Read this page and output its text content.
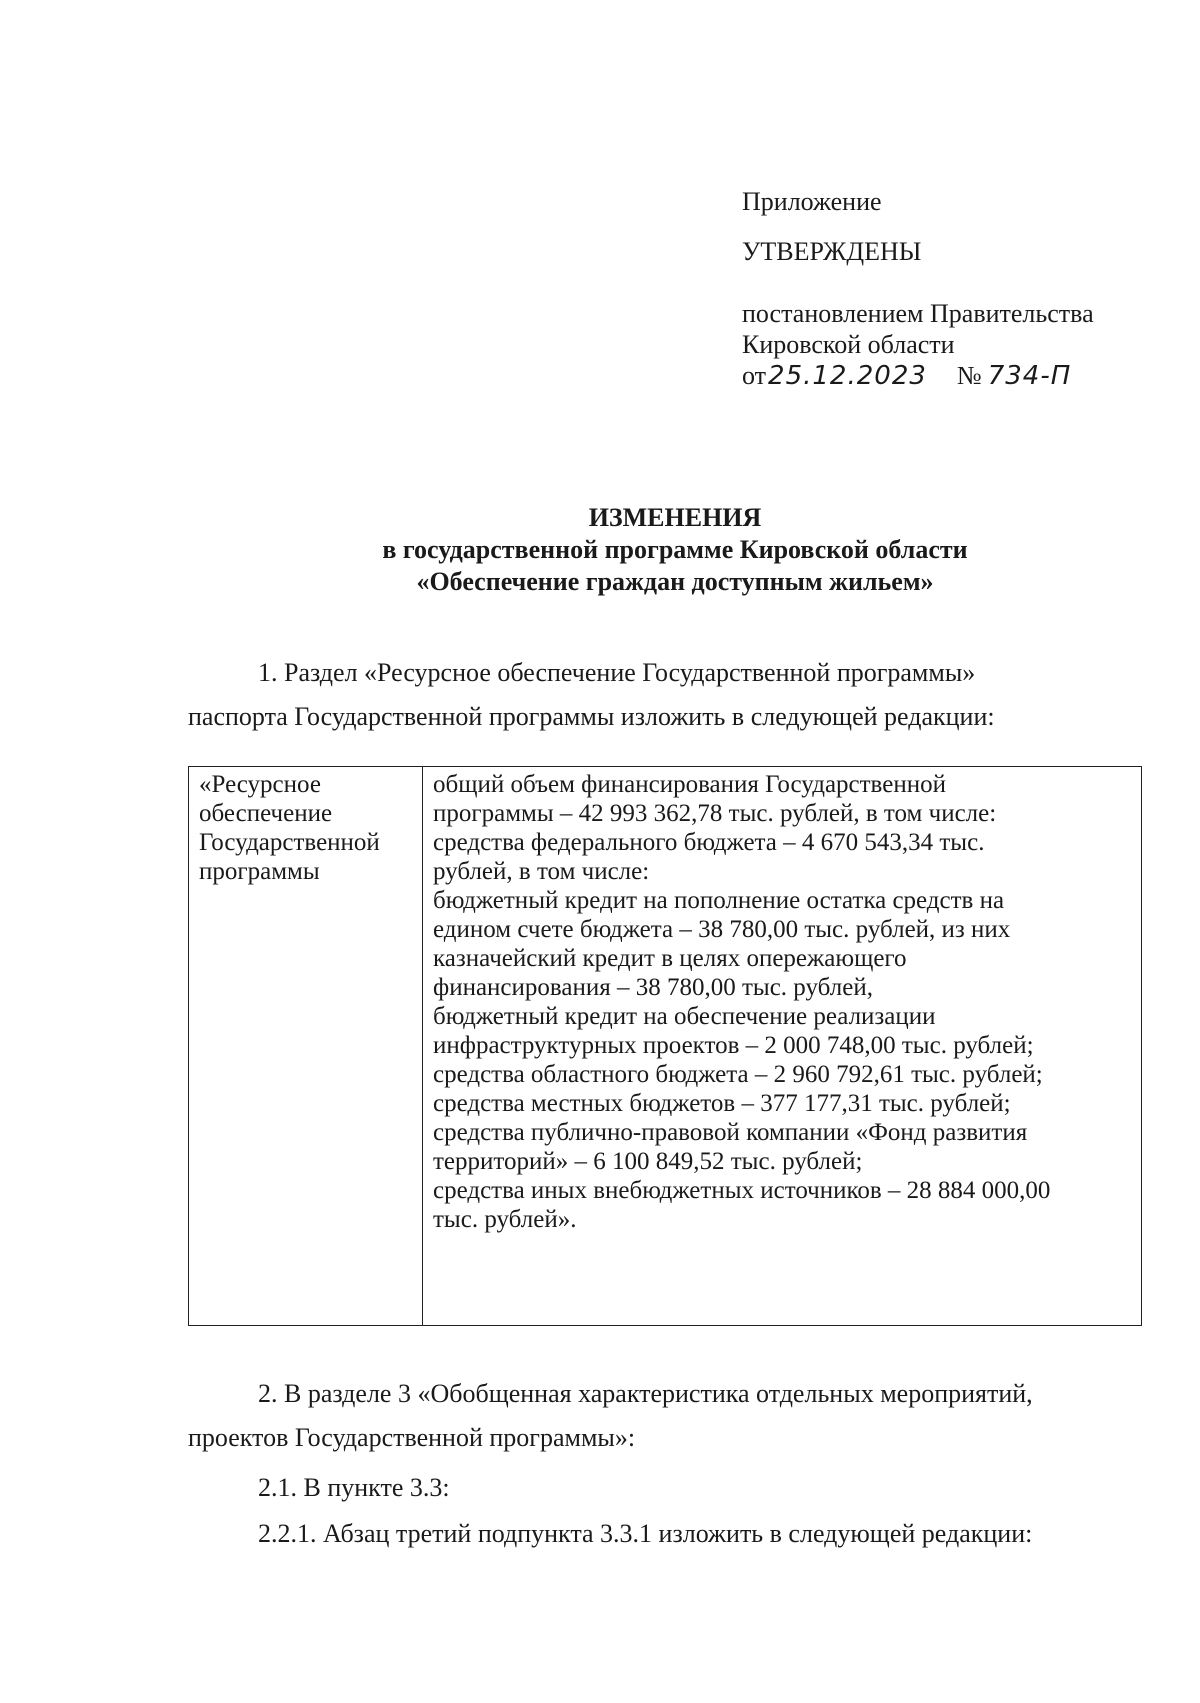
Приложение
УТВЕРЖДЕНЫ
постановлением Правительства
Кировской области
от25.12.2023 № 734-П
ИЗМЕНЕНИЯ
в государственной программе Кировской области
«Обеспечение граждан доступным жильем»
1. Раздел «Ресурсное обеспечение Государственной программы»
паспорта Государственной программы изложить в следующей редакции:
«Ресурсное
обеспечение
Государственной
программы
общий объем финансирования Государственной
программы – 42 993 362,78 тыс. рублей, в том числе:
средства федерального бюджета – 4 670 543,34 тыс.
рублей, в том числе:
бюджетный кредит на пополнение остатка средств на
едином счете бюджета – 38 780,00 тыс. рублей, из них
казначейский кредит в целях опережающего
финансирования – 38 780,00 тыс. рублей,
бюджетный кредит на обеспечение реализации
инфраструктурных проектов – 2 000 748,00 тыс. рублей;
средства областного бюджета – 2 960 792,61 тыс. рублей;
средства местных бюджетов – 377 177,31 тыс. рублей;
средства публично-правовой компании «Фонд развития
территорий» – 6 100 849,52 тыс. рублей;
средства иных внебюджетных источников – 28 884 000,00
тыс. рублей».
2. В разделе 3 «Обобщенная характеристика отдельных мероприятий,
проектов Государственной программы»:
2.1. В пункте 3.3:
2.2.1. Абзац третий подпункта 3.3.1 изложить в следующей редакции:
